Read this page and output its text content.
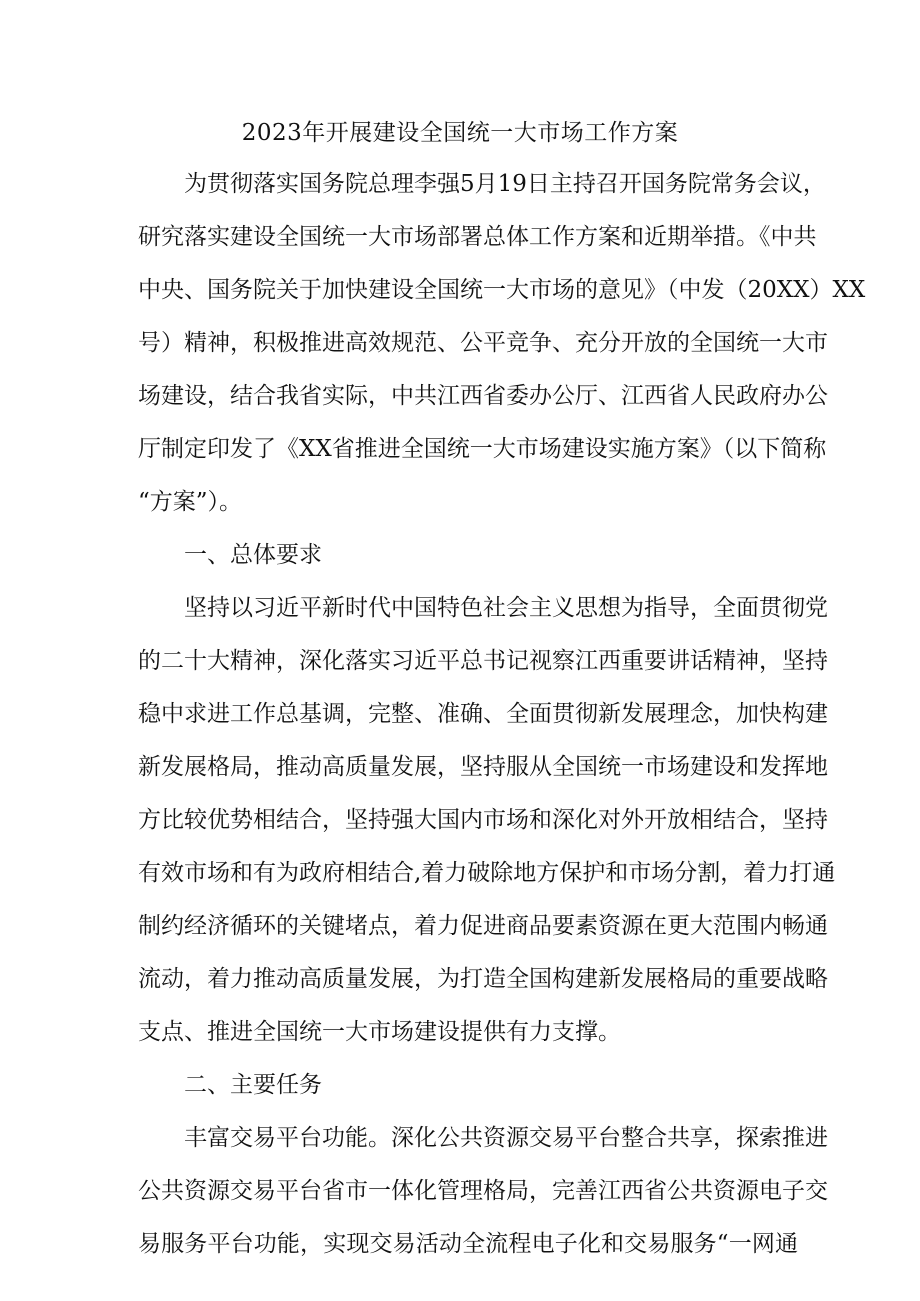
2023年开展建设全国统一大市场工作方案
为贯彻落实国务院总理李强5月19日主持召开国务院常务会议，
研究落实建设全国统一大市场部署总体工作方案和近期举措。《中共
中央、国务院关于加快建设全国统一大市场的意见》（中发（20XX）XX
号）精神，积极推进高效规范、公平竞争、充分开放的全国统一大市
场建设，结合我省实际，中共江西省委办公厅、江西省人民政府办公
厅制定印发了《XX省推进全国统一大市场建设实施方案》（以下简称
“方案”）。
一、总体要求
坚持以习近平新时代中国特色社会主义思想为指导，全面贯彻党
的二十大精神，深化落实习近平总书记视察江西重要讲话精神，坚持
稳中求进工作总基调，完整、准确、全面贯彻新发展理念，加快构建
新发展格局，推动高质量发展，坚持服从全国统一市场建设和发挥地
方比较优势相结合，坚持强大国内市场和深化对外开放相结合，坚持
有效市场和有为政府相结合,着力破除地方保护和市场分割，着力打通
制约经济循环的关键堵点，着力促进商品要素资源在更大范围内畅通
流动，着力推动高质量发展，为打造全国构建新发展格局的重要战略
支点、推进全国统一大市场建设提供有力支撑。
二、主要任务
丰富交易平台功能。深化公共资源交易平台整合共享，探索推进
公共资源交易平台省市一体化管理格局，完善江西省公共资源电子交
易服务平台功能，实现交易活动全流程电子化和交易服务“一网通
